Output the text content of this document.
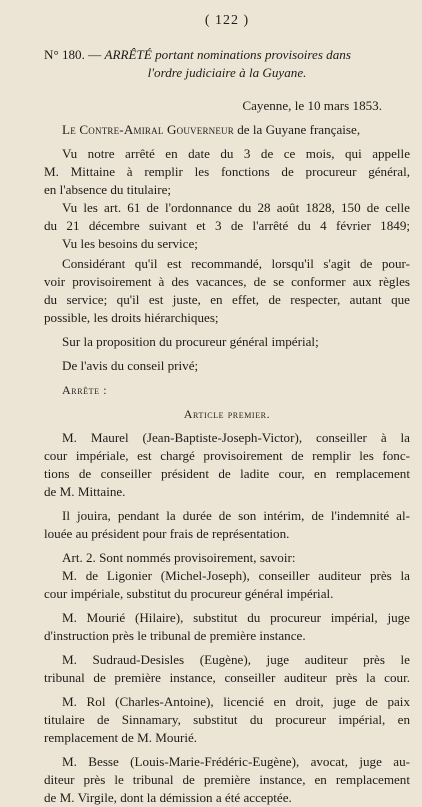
( 122 )
N° 180. — ARRÊTÉ portant nominations provisoires dans
l'ordre judiciaire à la Guyane.
Cayenne, le 10 mars 1853.
Le Contre-Amiral Gouverneur de la Guyane française,
Vu notre arrêté en date du 3 de ce mois, qui appelle
M. Mittaine à remplir les fonctions de procureur général,
en l'absence du titulaire;
Vu les art. 61 de l'ordonnance du 28 août 1828, 150 de celle
du 21 décembre suivant et 3 de l'arrêté du 4 février 1849;
Vu les besoins du service;
Considérant qu'il est recommandé, lorsqu'il s'agit de pour-
voir provisoirement à des vacances, de se conformer aux règles
du service; qu'il est juste, en effet, de respecter, autant que
possible, les droits hiérarchiques;
Sur la proposition du procureur général impérial;
De l'avis du conseil privé;
Arrête :
Article premier.
M. Maurel (Jean-Baptiste-Joseph-Victor), conseiller à la
cour impériale, est chargé provisoirement de remplir les fonc-
tions de conseiller président de ladite cour, en remplacement
de M. Mittaine.
Il jouira, pendant la durée de son intérim, de l'indemnité al-
louée au président pour frais de représentation.
Art. 2. Sont nommés provisoirement, savoir:
M. de Ligonier (Michel-Joseph), conseiller auditeur près la
cour impériale, substitut du procureur général impérial.
M. Mourié (Hilaire), substitut du procureur impérial, juge
d'instruction près le tribunal de première instance.
M. Sudraud-Desisles (Eugène), juge auditeur près le
tribunal de première instance, conseiller auditeur près la cour.
M. Rol (Charles-Antoine), licencié en droit, juge de paix
titulaire de Sinnamary, substitut du procureur impérial, en
remplacement de M. Mourié.
M. Besse (Louis-Marie-Frédéric-Eugène), avocat, juge au-
diteur près le tribunal de première instance, en remplacement
de M. Virgile, dont la démission a été acceptée.
